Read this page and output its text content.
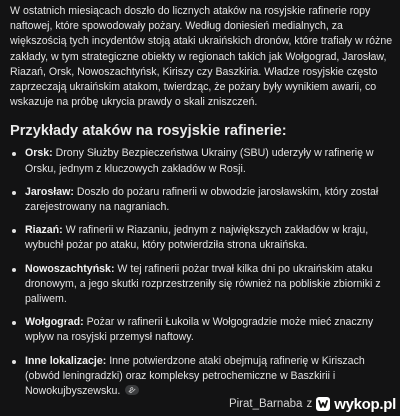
W ostatnich miesiącach doszło do licznych ataków na rosyjskie rafinerie ropy naftowej, które spowodowały pożary. Według doniesień medialnych, za większością tych incydentów stoją ataki ukraińskich dronów, które trafiały w różne zakłady, w tym strategiczne obiekty w regionach takich jak Wołgograd, Jarosław, Riazań, Orsk, Nowoszachtyńsk, Kiriszy czy Baszkiria. Władze rosyjskie często zaprzeczają ukraińskim atakom, twierdząc, że pożary były wynikiem awarii, co wskazuje na próbę ukrycia prawdy o skali zniszczeń.

Przykłady ataków na rosyjskie rafinerie:
Orsk: Drony Służby Bezpieczeństwa Ukrainy (SBU) uderzyły w rafinerię w Orsku, jednym z kluczowych zakładów w Rosji.
Jarosław: Doszło do pożaru rafinerii w obwodzie jarosławskim, który został zarejestrowany na nagraniach.
Riazań: W rafinerii w Riazaniu, jednym z największych zakładów w kraju, wybuchł pożar po ataku, który potwierdziła strona ukraińska.
Nowoszachtyńsk: W tej rafinerii pożar trwał kilka dni po ukraińskim ataku dronowym, a jego skutki rozprzestrzeniły się również na pobliskie zbiorniki z paliwem.
Wołgograd: Pożar w rafinerii Łukoila w Wołgogradzie może mieć znaczny wpływ na rosyjski przemysł naftowy.
Inne lokalizacje: Inne potwierdzone ataki obejmują rafinerię w Kiriszach (obwód leningradzki) oraz kompleksy petrochemiczne w Baszkirii i Nowokujbyszewsku.
Pirat_Barnaba z wykop.pl
